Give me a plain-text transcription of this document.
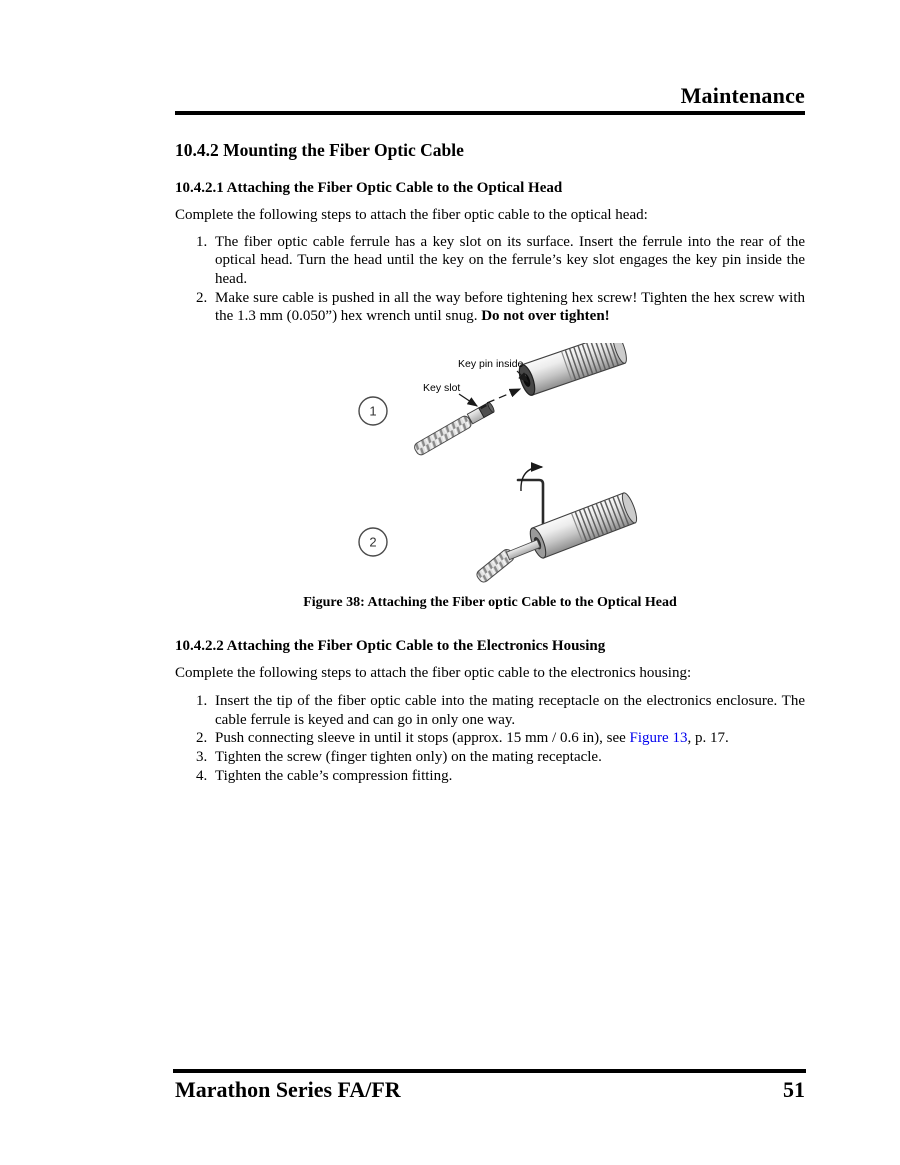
Maintenance
10.4.2 Mounting the Fiber Optic Cable
10.4.2.1 Attaching the Fiber Optic Cable to the Optical Head

Complete the following steps to attach the fiber optic cable to the optical head:

1. The fiber optic cable ferrule has a key slot on its surface. Insert the ferrule into the rear of the optical head. Turn the head until the key on the ferrule’s key slot engages the key pin inside the head.
2. Make sure cable is pushed in all the way before tightening hex screw! Tighten the hex screw with the 1.3 mm (0.050”) hex wrench until snug. Do not over tighten!
Key pin inside
Key slot
1
2
Figure 38: Attaching the Fiber optic Cable to the Optical Head
10.4.2.2 Attaching the Fiber Optic Cable to the Electronics Housing

Complete the following steps to attach the fiber optic cable to the electronics housing:

1. Insert the tip of the fiber optic cable into the mating receptacle on the electronics enclosure. The cable ferrule is keyed and can go in only one way.
2. Push connecting sleeve in until it stops (approx. 15 mm / 0.6 in), see Figure 13, p. 17.
3. Tighten the screw (finger tighten only) on the mating receptacle.
4. Tighten the cable’s compression fitting.
Marathon Series FA/FR	51
